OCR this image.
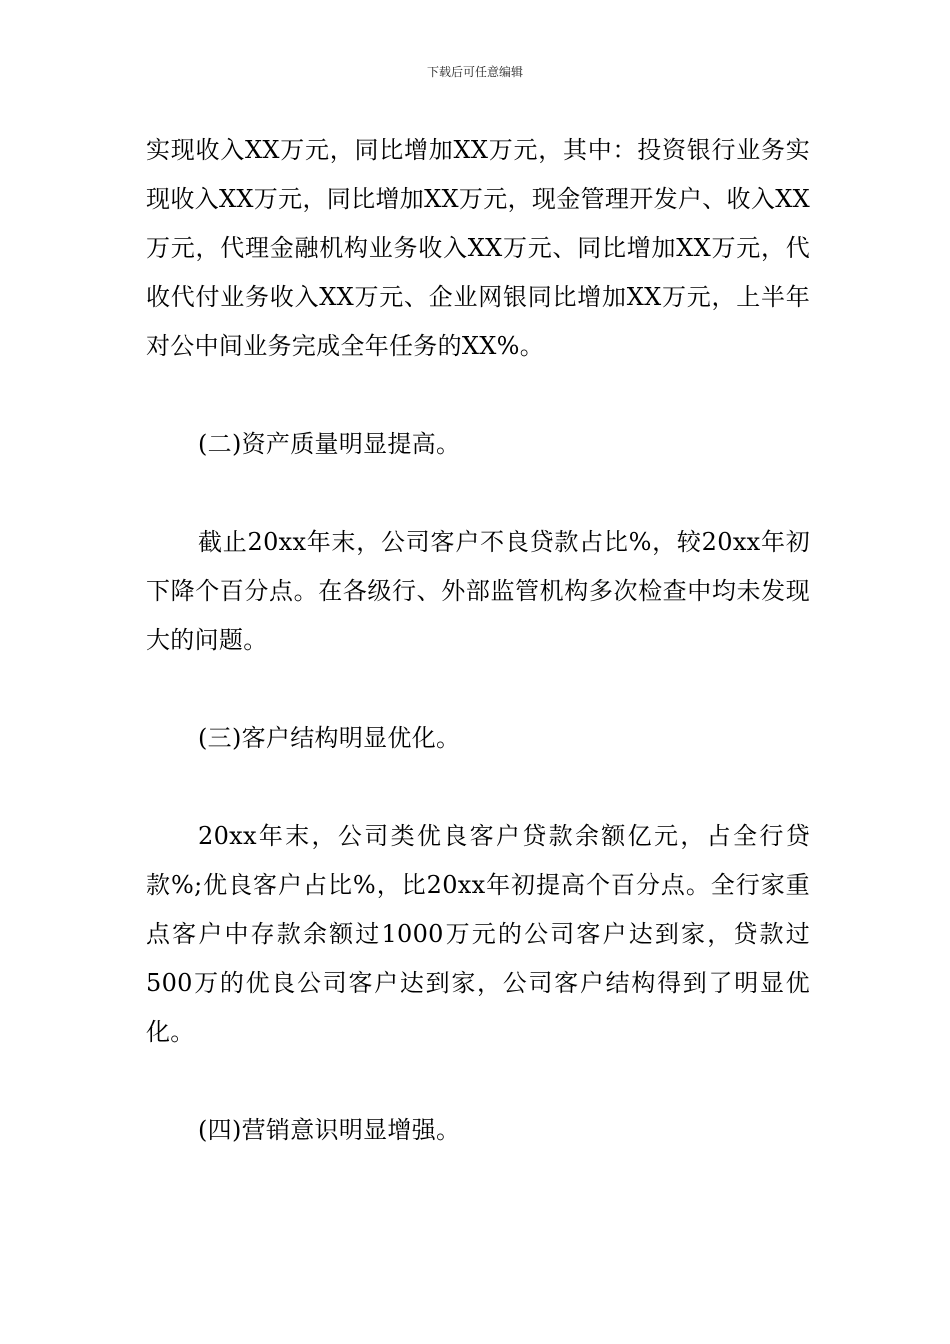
下载后可任意编辑

实现收入XX万元，同比增加XX万元，其中：投资银行业务实现收入XX万元，同比增加XX万元，现金管理开发户、收入XX万元，代理金融机构业务收入XX万元、同比增加XX万元，代收代付业务收入XX万元、企业网银同比增加XX万元，上半年对公中间业务完成全年任务的XX%。

(二)资产质量明显提高。

截止20xx年末，公司客户不良贷款占比%，较20xx年初下降个百分点。在各级行、外部监管机构多次检查中均未发现大的问题。

(三)客户结构明显优化。

20xx年末，公司类优良客户贷款余额亿元，占全行贷款%;优良客户占比%，比20xx年初提高个百分点。全行家重点客户中存款余额过1000万元的公司客户达到家，贷款过500万的优良公司客户达到家，公司客户结构得到了明显优化。

(四)营销意识明显增强。
